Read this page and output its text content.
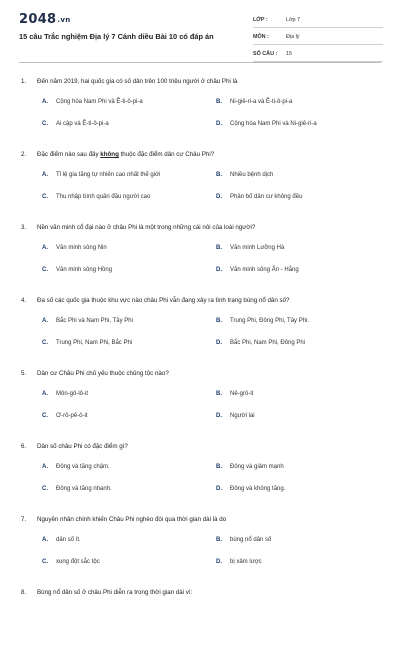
2048.vn
15 câu Trắc nghiệm Địa lý 7 Cánh diều Bài 10 có đáp án
LỚP :	Lớp 7
MÔN :	Địa lý
SỐ CÂU :	15
1.	Đến năm 2019, hai quốc gia có số dân trên 100 triệu người ở châu Phi là
A.	Cộng hòa Nam Phi và Ê-ti-ô-pi-a	B.	Ni-giê-ri-a và Ê-ti-ô-pi-a
C.	Ai cập và Ê-ti-ô-pi-a	D.	Cộng hòa Nam Phi và Ni-giê-ri-a
2.	Đặc điểm nào sau đây không thuộc đặc điểm dân cư Châu Phi?
A.	Tỉ lệ gia tăng tự nhiên cao nhất thế giới	B.	Nhiều bệnh dịch
C.	Thu nhập bình quân đầu người cao	D.	Phân bố dân cư không đều
3.	Nền văn minh cổ đại nào ở châu Phi là một trong những cái nôi của loài người?
A.	Văn minh sông Nin	B.	Văn minh Lưỡng Hà
C.	Văn minh sông Hồng	D.	Văn minh sông Ấn - Hằng
4.	Đa số các quốc gia thuộc khu vực nào châu Phi vẫn đang xảy ra tình trạng bùng nổ dân số?
A.	Bắc Phi và Nam Phi, Tây Phi	B.	Trung Phi, Đông Phi, Tây Phi.
C.	Trung Phi, Nam Phi, Bắc Phi	D.	Bắc Phi, Nam Phi, Đông Phi
5.	Dân cư Châu Phi chủ yếu thuộc chủng tộc nào?
A.	Môn-gô-lô-it	B.	Nê-grô-it
C.	Ơ-rô-pê-ô-it	D.	Người lai
6.	Dân số châu Phi có đặc điểm gì?
A.	Đông và tăng chậm.	B.	Đông và giảm mạnh
C.	Đông và tăng nhanh.	D.	Đông và không tăng.
7.	Nguyên nhân chính khiến Châu Phi nghèo đói qua thời gian dài là do
A.	dân số ít.	B.	bùng nổ dân số
C.	xung đột sắc tộc	D.	bị xâm lược
8.	Bùng nổ dân số ở châu Phi diễn ra trong thời gian dài vì:
